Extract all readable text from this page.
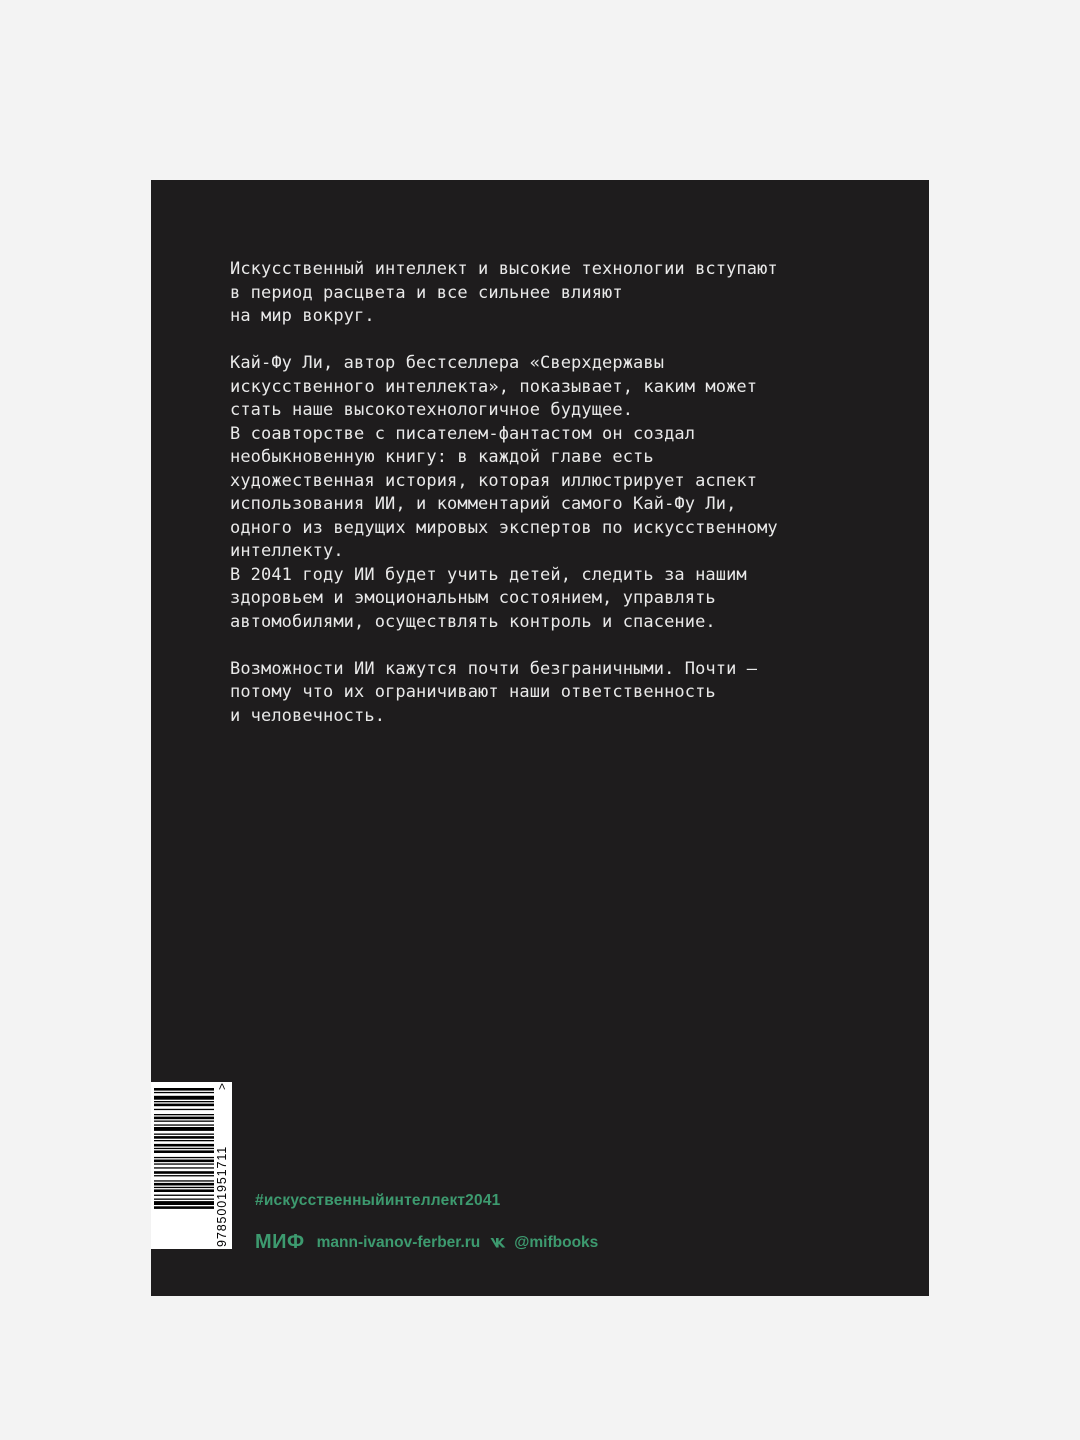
Искусственный интеллект и высокие технологии вступают
в период расцвета и все сильнее влияют
на мир вокруг.

Кай-Фу Ли, автор бестселлера «Сверхдержавы
искусственного интеллекта», показывает, каким может
стать наше высокотехнологичное будущее.
В соавторстве с писателем-фантастом он создал
необыкновенную книгу: в каждой главе есть
художественная история, которая иллюстрирует аспект
использования ИИ, и комментарий самого Кай-Фу Ли,
одного из ведущих мировых экспертов по искусственному
интеллекту.
В 2041 году ИИ будет учить детей, следить за нашим
здоровьем и эмоциональным состоянием, управлять
автомобилями, осуществлять контроль и спасение.

Возможности ИИ кажутся почти безграничными. Почти –
потому что их ограничивают наши ответственность
и человечность.

9785001951711
>
#искусственныйинтеллект2041
МИФ mann-ivanov-ferber.ru @mifbooks
